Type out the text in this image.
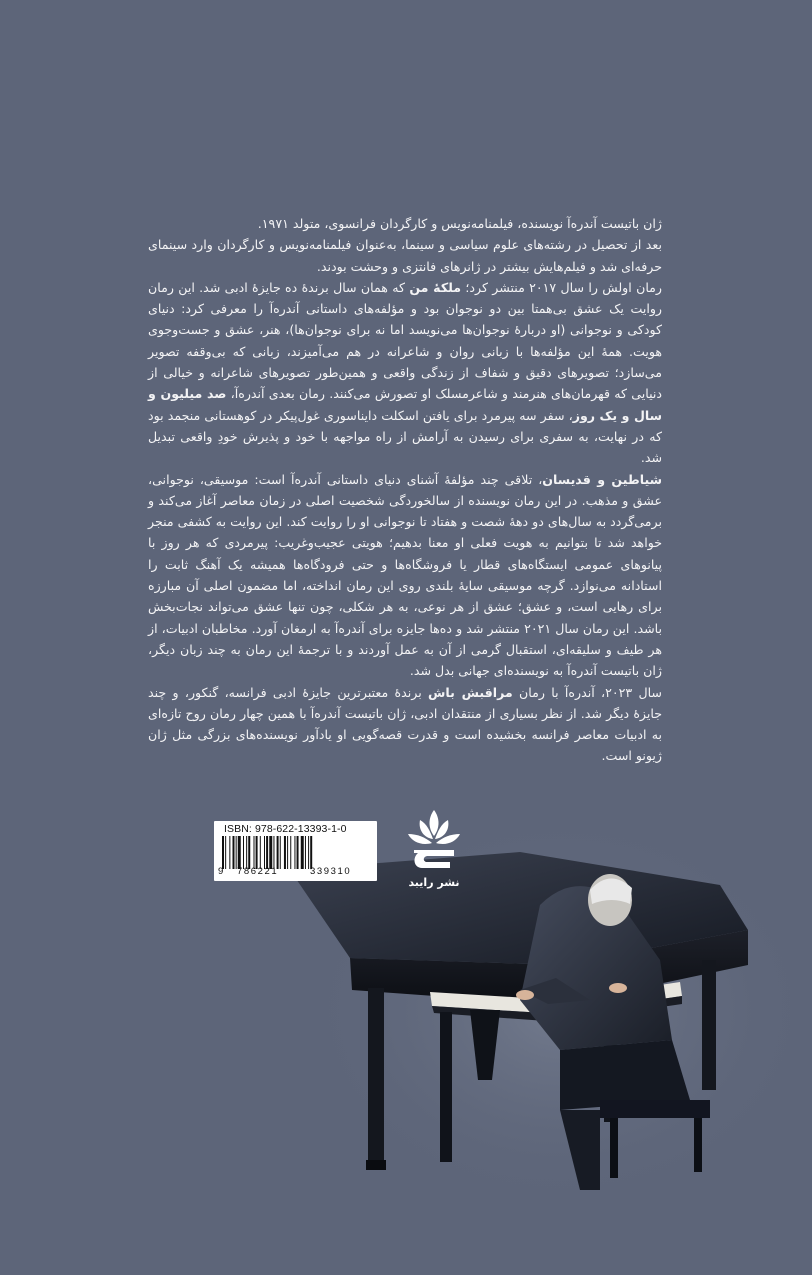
ژان باتیست آندره‌آ نویسنده، فیلمنامه‌نویس و کارگردان فرانسوی، متولد ۱۹۷۱.

بعد از تحصیل در رشته‌های علوم سیاسی و سینما، به‌عنوان فیلمنامه‌نویس و کارگردان وارد سینمای حرفه‌ای شد و فیلم‌هایش بیشتر در ژانرهای فانتزی و وحشت بودند.

رمان اولش را سال ۲۰۱۷ منتشر کرد؛ ملکهٔ من که همان سال برندهٔ ده جایزهٔ ادبی شد. این رمان روایت یک عشق بی‌همتا بین دو نوجوان بود و مؤلفه‌های داستانی آندره‌آ را معرفی کرد: دنیای کودکی و نوجوانی (او دربارهٔ نوجوان‌ها می‌نویسد اما نه برای نوجوان‌ها)، هنر، عشق و جست‌وجوی هویت. همهٔ این مؤلفه‌ها با زبانی روان و شاعرانه در هم می‌آمیزند، زبانی که بی‌وقفه تصویر می‌سازد؛ تصویرهای دقیق و شفاف از زندگی واقعی و همین‌طور تصویرهای شاعرانه و خیالی از دنیایی که قهرمان‌های هنرمند و شاعرمسلک او تصورش می‌کنند. رمان بعدی آندره‌آ، صد میلیون و سال و یک روز، سفر سه پیرمرد برای یافتن اسکلت دایناسوری غول‌پیکر در کوهستانی منجمد بود که در نهایت، به سفری برای رسیدن به آرامش از راه مواجهه با خود و پذیرش خودِ واقعی تبدیل شد.

شیاطین و قدیسان، تلاقی چند مؤلفهٔ آشنای دنیای داستانی آندره‌آ است: موسیقی، نوجوانی، عشق و مذهب. در این رمان نویسنده از سالخوردگی شخصیت اصلی در زمان معاصر آغاز می‌کند و برمی‌گردد به سال‌های دو دههٔ شصت و هفتاد تا نوجوانی او را روایت کند. این روایت به کشفی منجر خواهد شد تا بتوانیم به هویت فعلی او معنا بدهیم؛ هویتی عجیب‌وغریب: پیرمردی که هر روز با پیانوهای عمومی ایستگاه‌های قطار یا فروشگاه‌ها و حتی فرودگاه‌ها همیشه یک آهنگ ثابت را استادانه می‌نوازد. گرچه موسیقی سایهٔ بلندی روی این رمان انداخته، اما مضمون اصلی آن مبارزه برای رهایی است، و عشق؛ عشق از هر نوعی، به هر شکلی، چون تنها عشق می‌تواند نجات‌بخش باشد. این رمان سال ۲۰۲۱ منتشر شد و ده‌ها جایزه برای آندره‌آ به ارمغان آورد. مخاطبان ادبیات، از هر طیف و سلیقه‌ای، استقبال گرمی از آن به عمل آوردند و با ترجمهٔ این رمان به چند زبان دیگر، ژان باتیست آندره‌آ به نویسنده‌ای جهانی بدل شد.

سال ۲۰۲۳، آندره‌آ با رمان مراقبش باش برندهٔ معتبرترین جایزهٔ ادبی فرانسه، گنکور، و چند جایزهٔ دیگر شد. از نظر بسیاری از منتقدان ادبی، ژان باتیست آندره‌آ با همین چهار رمان روح تازه‌ای به ادبیات معاصر فرانسه بخشیده است و قدرت قصه‌گویی او یادآور نویسنده‌های بزرگی مثل ژان ژیونو است.

ISBN: 978-622-13393-1-0
9 786221	339310
نشر رایبد
